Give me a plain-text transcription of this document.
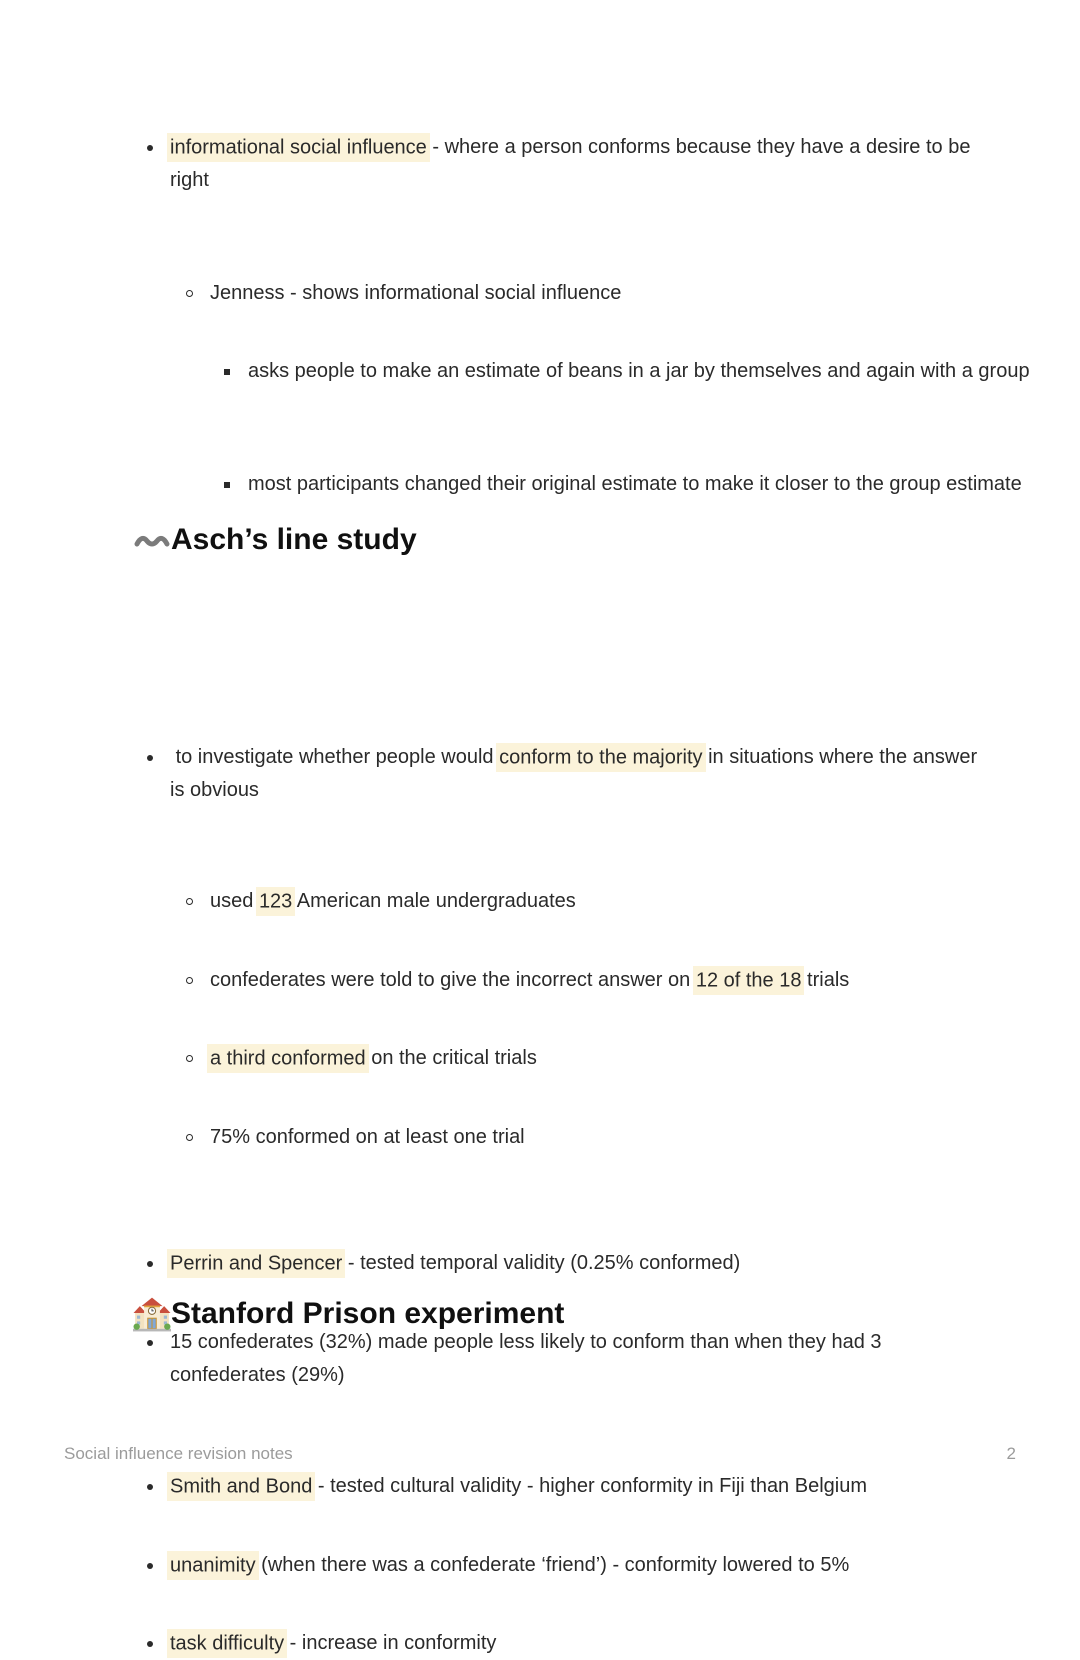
informational social influence - where a person conforms because they have a desire to be right
Jenness - shows informational social influence
asks people to make an estimate of beans in a jar by themselves and again with a group
most participants changed their original estimate to make it closer to the group estimate
Asch’s line study
to investigate whether people would conform to the majority in situations where the answer is obvious
used 123 American male undergraduates
confederates were told to give the incorrect answer on 12 of the 18 trials
a third conformed on the critical trials
75% conformed on at least one trial
Perrin and Spencer - tested temporal validity (0.25% conformed)
15 confederates (32%) made people less likely to conform than when they had 3 confederates (29%)
Smith and Bond - tested cultural validity - higher conformity in Fiji than Belgium
unanimity (when there was a confederate ‘friend’) - conformity lowered to 5%
task difficulty - increase in conformity
Stanford Prison experiment
Social influence revision notes	2
